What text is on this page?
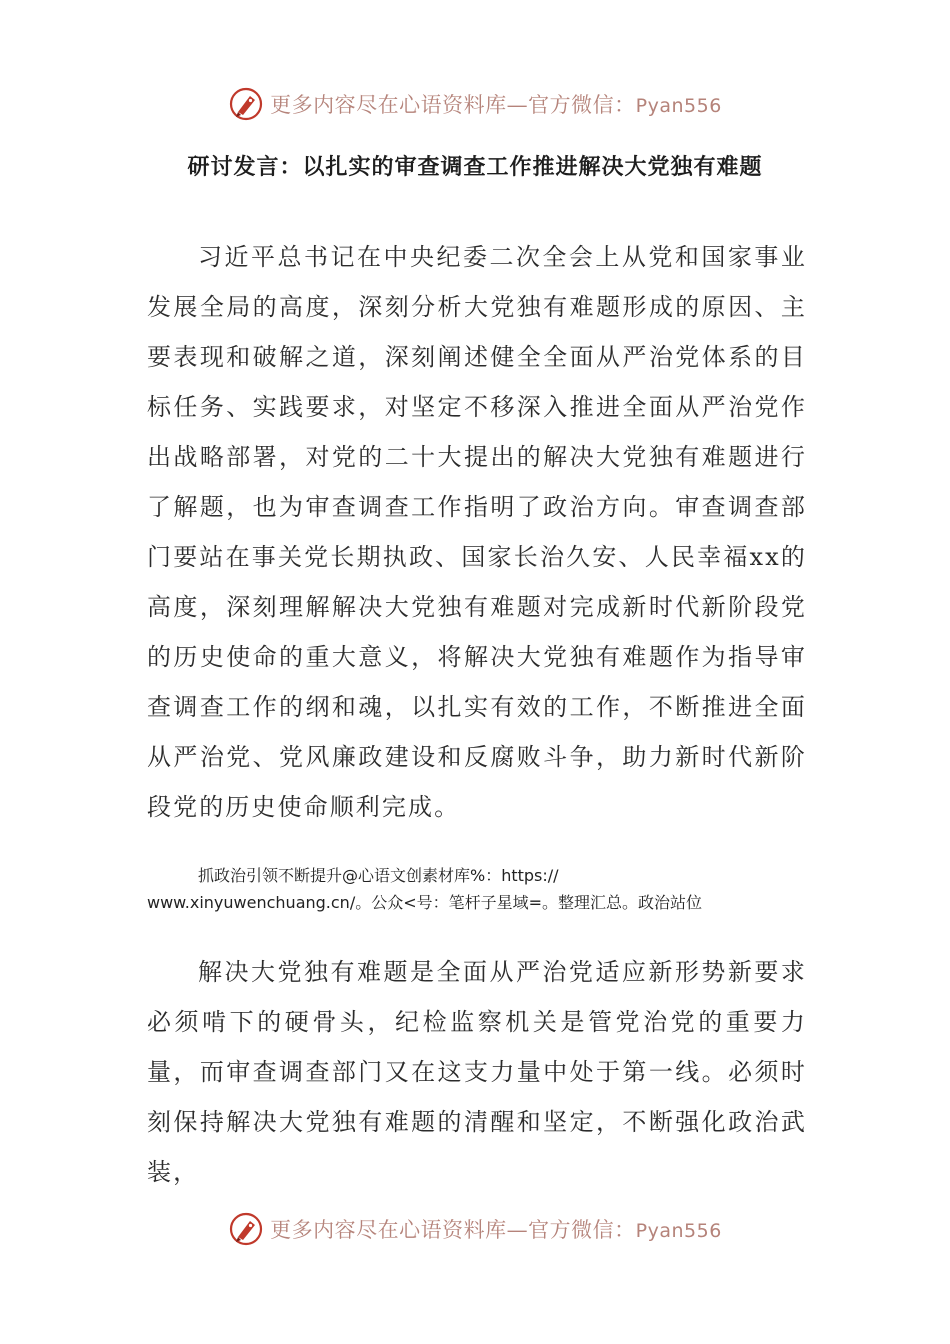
更多内容尽在心语资料库—官方微信：Pyan556
研讨发言：以扎实的审查调查工作推进解决大党独有难题

习近平总书记在中央纪委二次全会上从党和国家事业发展全局的高度，深刻分析大党独有难题形成的原因、主要表现和破解之道，深刻阐述健全全面从严治党体系的目标任务、实践要求，对坚定不移深入推进全面从严治党作出战略部署，对党的二十大提出的解决大党独有难题进行了解题，也为审查调查工作指明了政治方向。审查调查部门要站在事关党长期执政、国家长治久安、人民幸福xx的高度，深刻理解解决大党独有难题对完成新时代新阶段党的历史使命的重大意义，将解决大党独有难题作为指导审查调查工作的纲和魂，以扎实有效的工作，不断推进全面从严治党、党风廉政建设和反腐败斗争，助力新时代新阶段党的历史使命顺利完成。

抓政治引领不断提升@心语文创素材库%：https://
www.xinyuwenchuang.cn/。公众<号：笔杆子星域=。整理汇总。政治站位

解决大党独有难题是全面从严治党适应新形势新要求必须啃下的硬骨头，纪检监察机关是管党治党的重要力量，而审查调查部门又在这支力量中处于第一线。必须时刻保持解决大党独有难题的清醒和坚定，不断强化政治武装，

更多内容尽在心语资料库—官方微信：Pyan556
